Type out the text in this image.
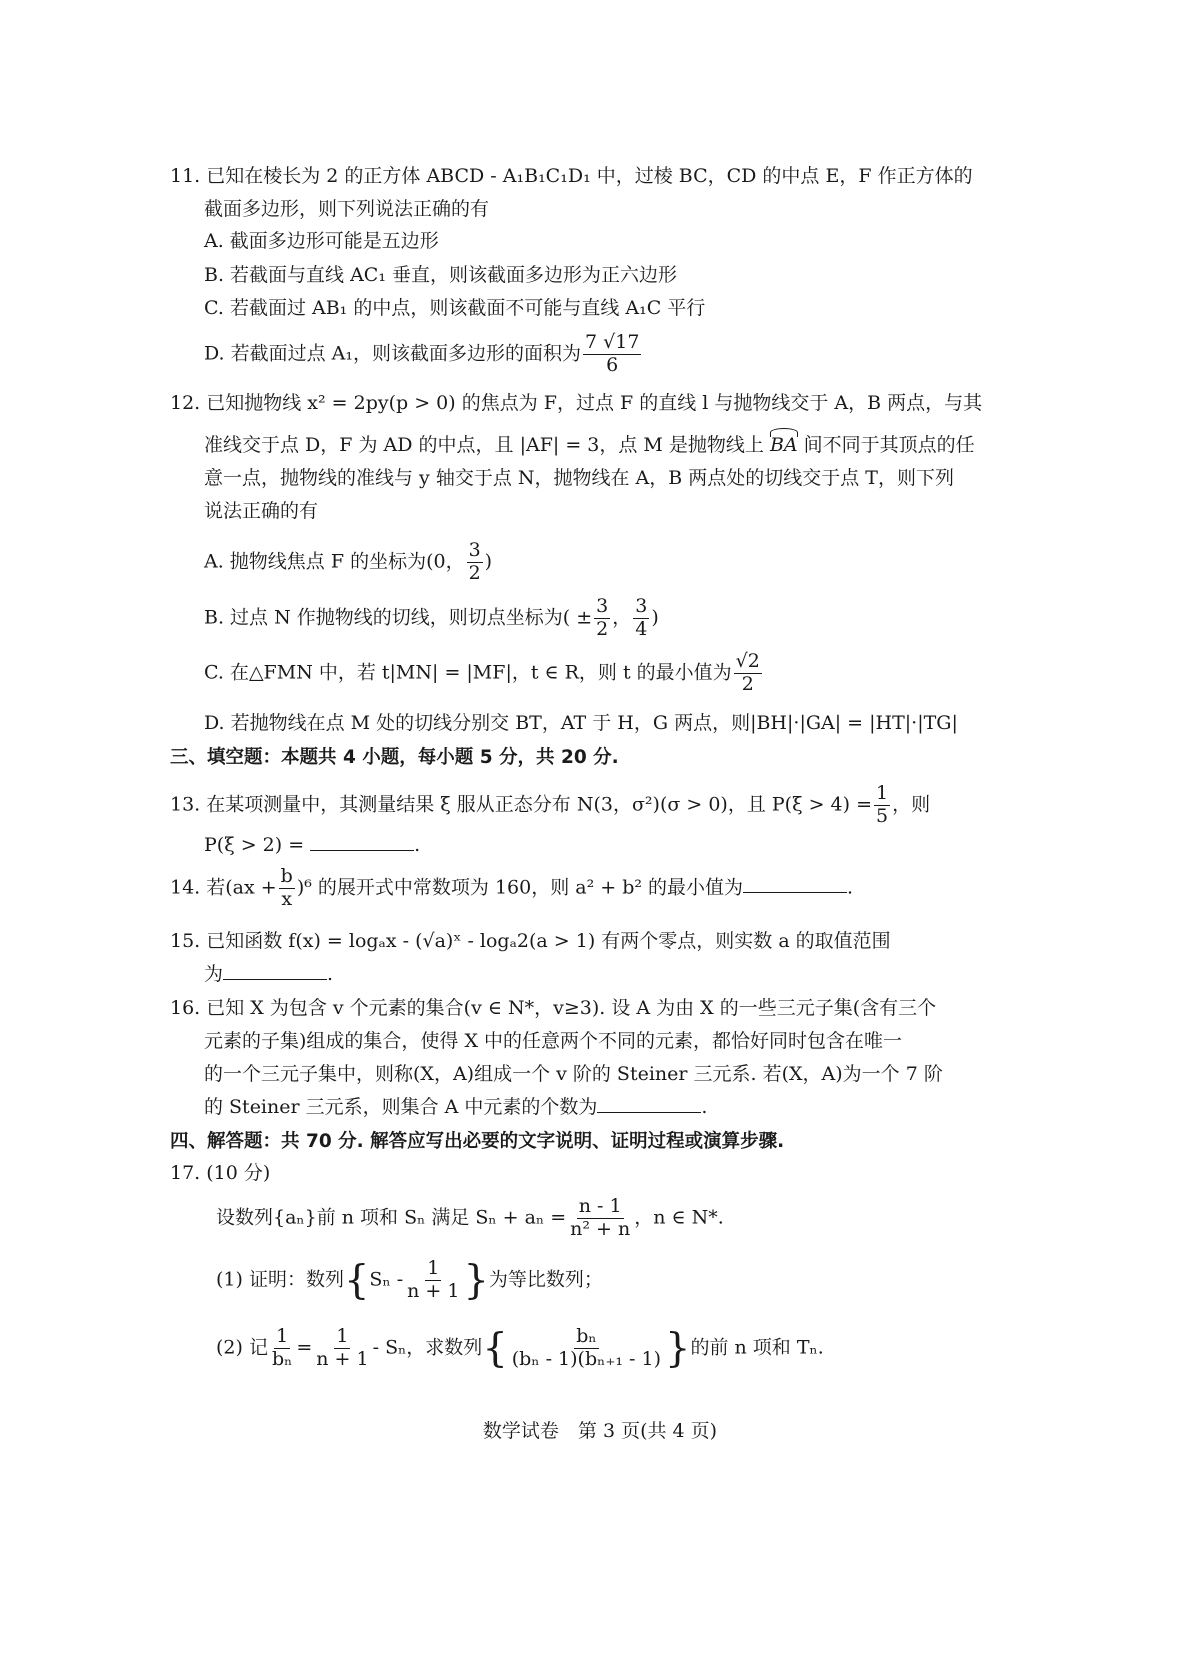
11. 已知在棱长为 2 的正方体 ABCD - A₁B₁C₁D₁ 中，过棱 BC，CD 的中点 E，F 作正方体的
截面多边形，则下列说法正确的有
A. 截面多边形可能是五边形
B. 若截面与直线 AC₁ 垂直，则该截面多边形为正六边形
C. 若截面过 AB₁ 的中点，则该截面不可能与直线 A₁C 平行
D. 若截面过点 A₁，则该截面多边形的面积为 $\frac{7 √17}{6}$
12. 已知抛物线 x² = 2py(p > 0) 的焦点为 F，过点 F 的直线 l 与抛物线交于 A，B 两点，与其
准线交于点 D，F 为 AD 的中点，且 |AF| = 3，点 M 是抛物线上 BA 间不同于其顶点的任
意一点，抛物线的准线与 y 轴交于点 N，抛物线在 A，B 两点处的切线交于点 T，则下列
说法正确的有
A. 抛物线焦点 F 的坐标为(0， $\frac{3}{2}$ )
B. 过点 N 作抛物线的切线，则切点坐标为( ± $\frac{3}{2}$ ， $\frac{3}{4}$ )
C. 在△FMN 中，若 t|MN| = |MF|，t ∈ R，则 t 的最小值为 $\frac{√2}{2}$
D. 若抛物线在点 M 处的切线分别交 BT，AT 于 H，G 两点，则|BH|·|GA| = |HT|·|TG|
三、填空题：本题共 4 小题，每小题 5 分，共 20 分.
13. 在某项测量中，其测量结果 ξ 服从正态分布 N(3，σ²)(σ > 0)，且 $P(\xi > 4) = \frac{1}{5}$ ，则
P(ξ > 2) =	.
14. 若$(ax + \frac{b}{x} )^6$ 的展开式中常数项为 160，则 a² + b² 的最小值为	.
15. 已知函数 f(x) = logₐx - (√a)ˣ - logₐ2(a > 1) 有两个零点，则实数 a 的取值范围
为	.
16. 已知 X 为包含 v 个元素的集合(v ∈ N*，v≥3). 设 A 为由 X 的一些三元子集(含有三个
元素的子集)组成的集合，使得 X 中的任意两个不同的元素，都恰好同时包含在唯一
的一个三元子集中，则称(X，A)组成一个 v 阶的 Steiner 三元系. 若(X，A)为一个 7 阶
的 Steiner 三元系，则集合 A 中元素的个数为	.
四、解答题：共 70 分. 解答应写出必要的文字说明、证明过程或演算步骤.
17. (10 分)
设数列{aₙ}前 n 项和 Sₙ 满足 $S_n + a_n = \frac{n - 1}{\text{n² + n}}$ ，n ∈ N*.
(1) 证明：数列{$S_n - \frac{1}{n + 1}$ }为等比数列；
(2) 记 $\frac{1}{\text{bₙ}} = \frac{1}{n + 1} - S_n$，求数列{ $\frac{\text{bₙ}}{\text{(bₙ - 1)(bₙ₊₁ - 1)}}$ }的前 n 项和 Tₙ.
数学试卷　第 3 页(共 4 页)
